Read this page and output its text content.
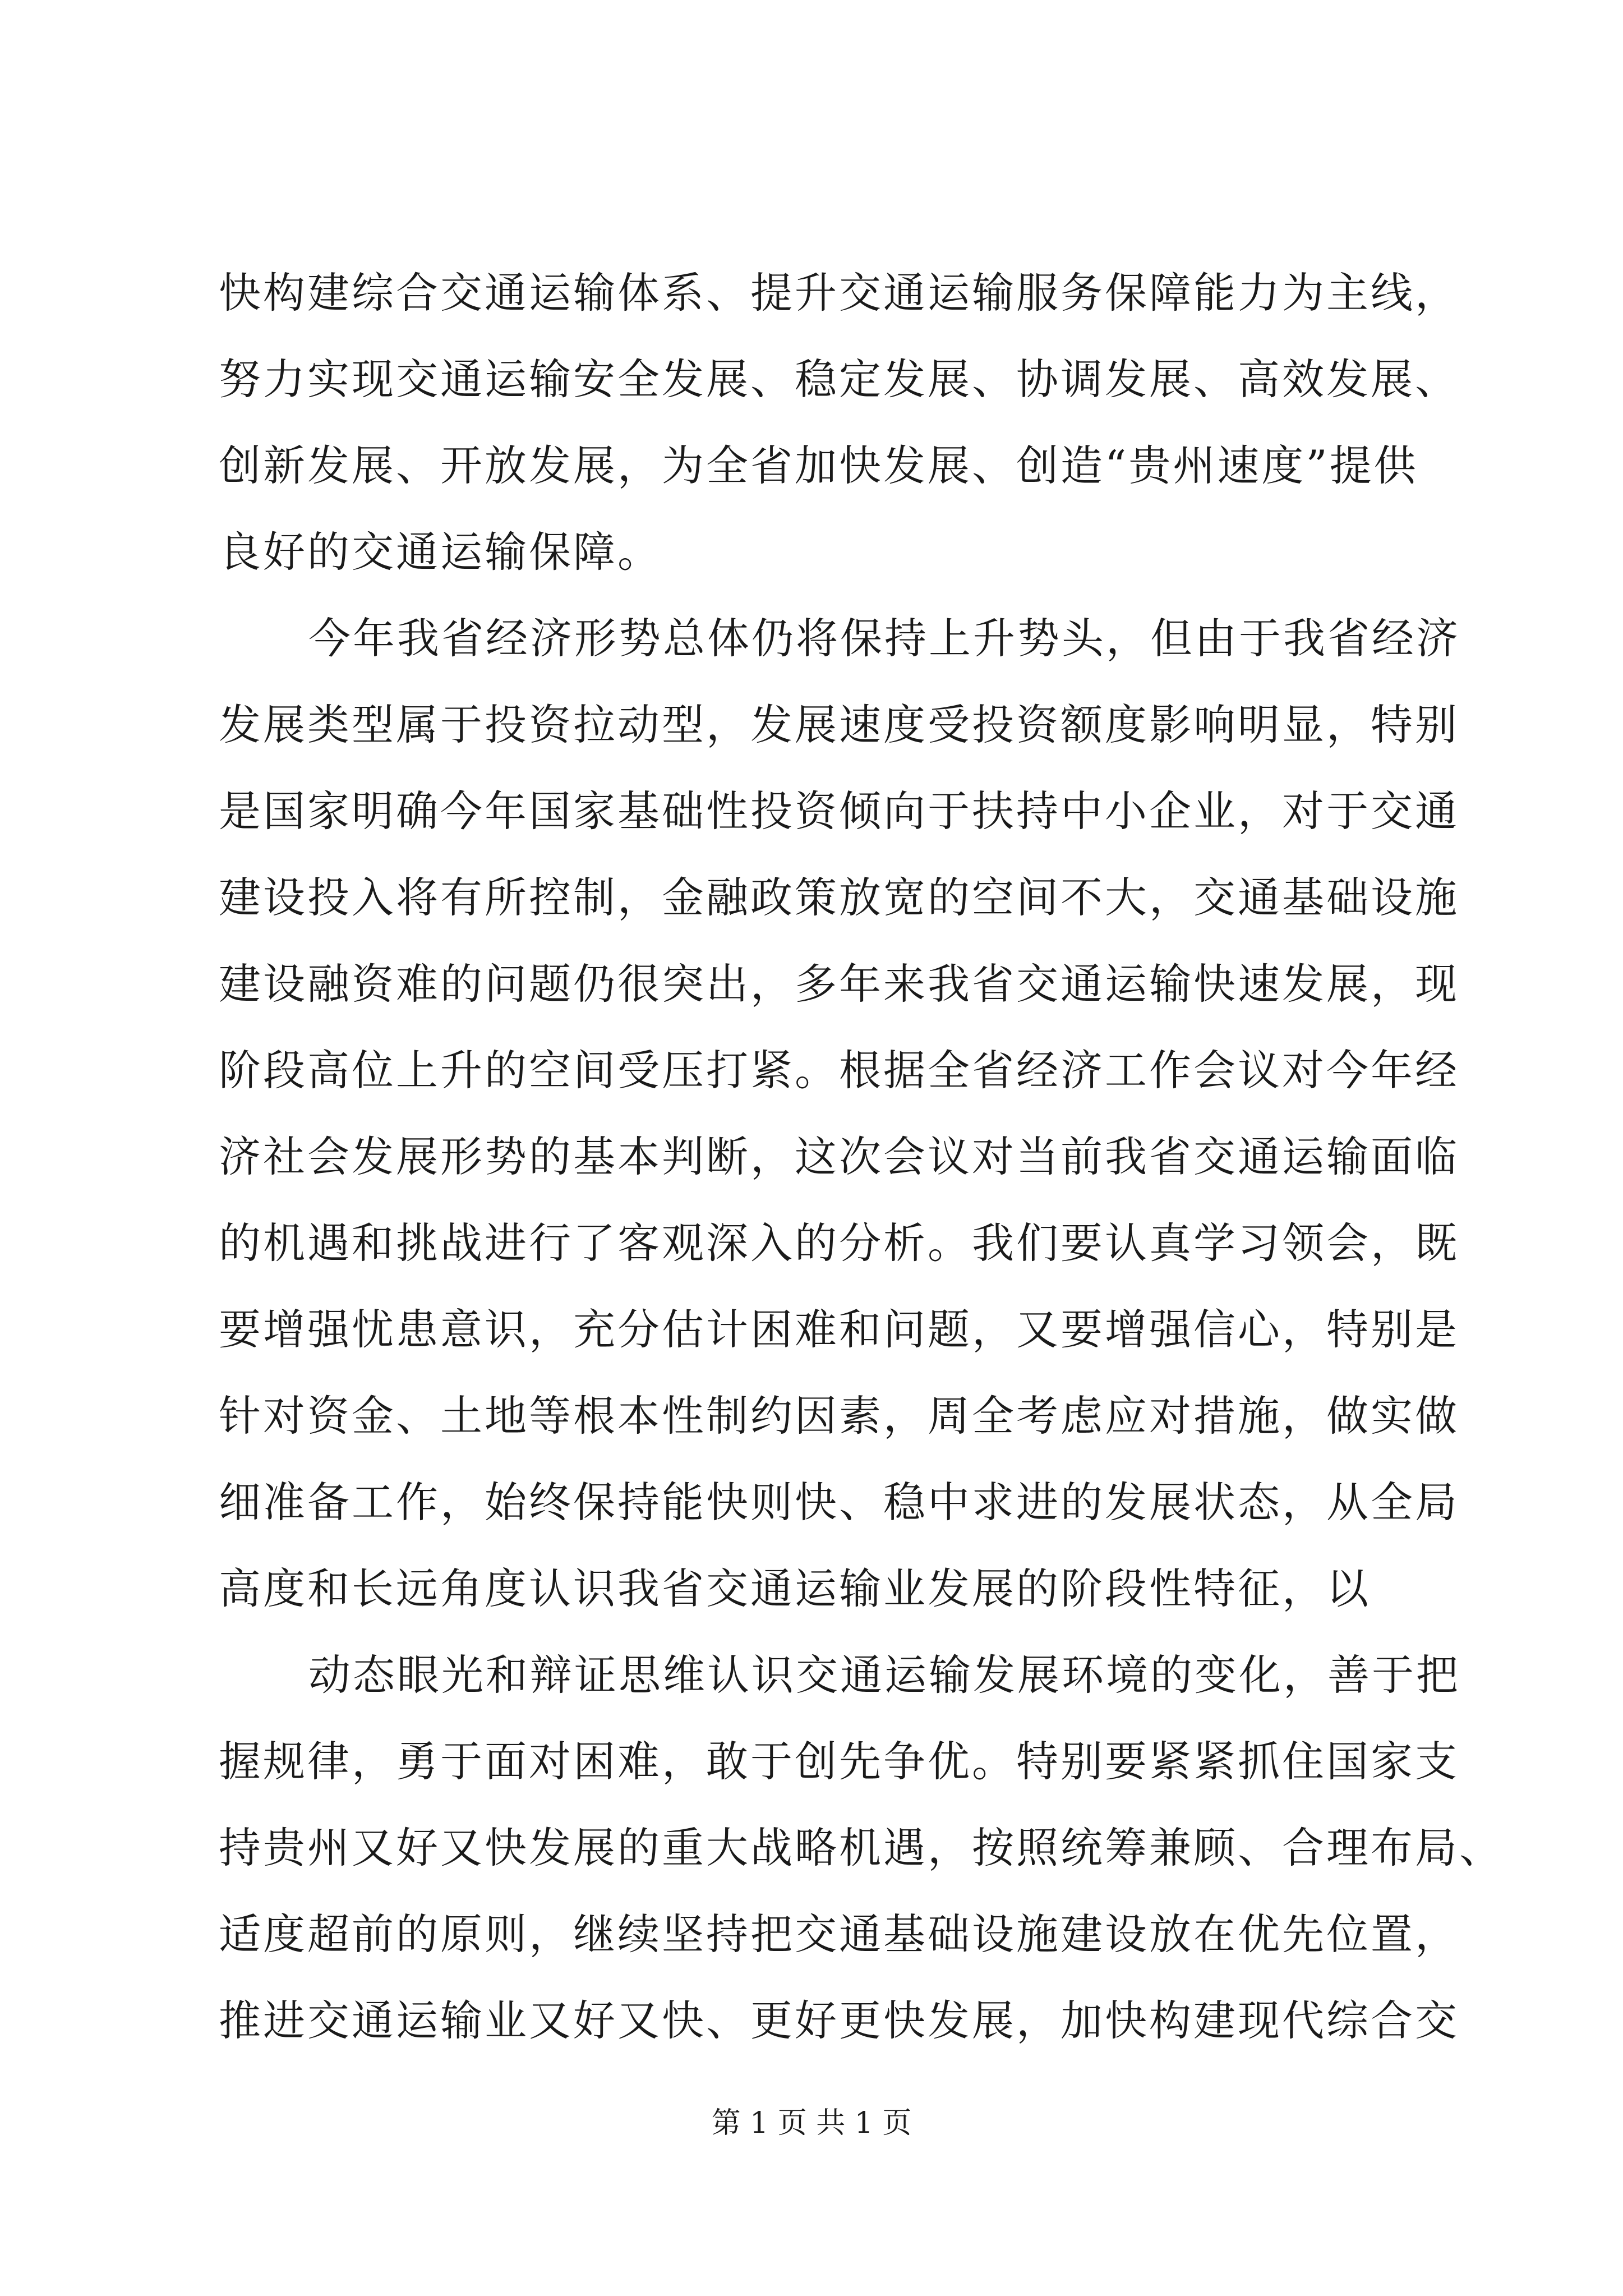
快构建综合交通运输体系、提升交通运输服务保障能力为主线，
努力实现交通运输安全发展、稳定发展、协调发展、高效发展、
创新发展、开放发展，为全省加快发展、创造“贵州速度”提供
良好的交通运输保障。
今年我省经济形势总体仍将保持上升势头，但由于我省经济
发展类型属于投资拉动型，发展速度受投资额度影响明显，特别
是国家明确今年国家基础性投资倾向于扶持中小企业，对于交通
建设投入将有所控制，金融政策放宽的空间不大，交通基础设施
建设融资难的问题仍很突出，多年来我省交通运输快速发展，现
阶段高位上升的空间受压打紧。根据全省经济工作会议对今年经
济社会发展形势的基本判断，这次会议对当前我省交通运输面临
的机遇和挑战进行了客观深入的分析。我们要认真学习领会，既
要增强忧患意识，充分估计困难和问题，又要增强信心，特别是
针对资金、土地等根本性制约因素，周全考虑应对措施，做实做
细准备工作，始终保持能快则快、稳中求进的发展状态，从全局
高度和长远角度认识我省交通运输业发展的阶段性特征，以
动态眼光和辩证思维认识交通运输发展环境的变化，善于把
握规律，勇于面对困难，敢于创先争优。特别要紧紧抓住国家支
持贵州又好又快发展的重大战略机遇，按照统筹兼顾、合理布局、
适度超前的原则，继续坚持把交通基础设施建设放在优先位置，
推进交通运输业又好又快、更好更快发展，加快构建现代综合交
第 1 页 共 1 页
